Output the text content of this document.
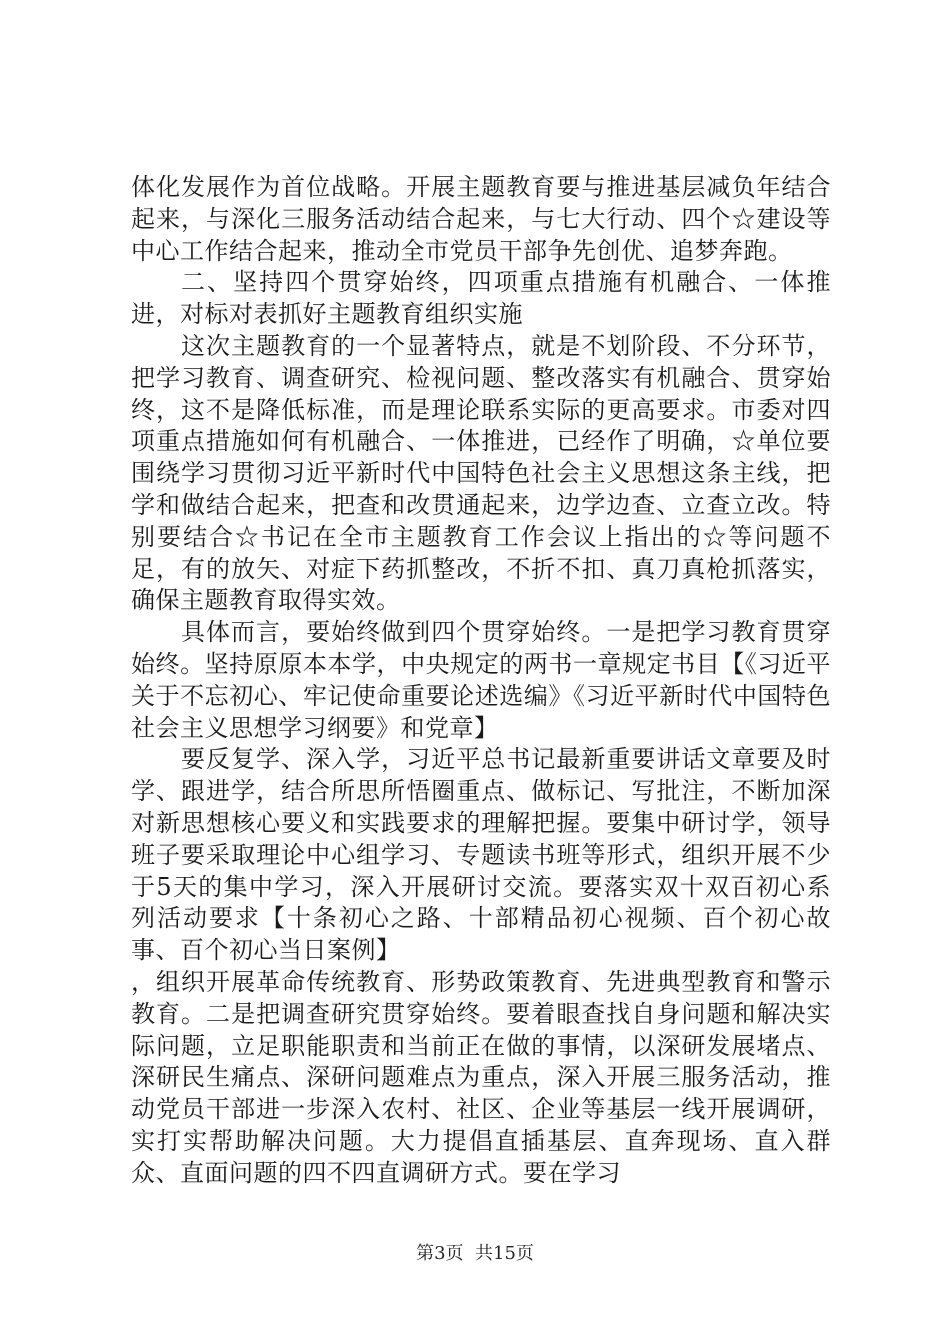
体化发展作为首位战略。开展主题教育要与推进基层减负年结合起来，与深化三服务活动结合起来，与七大行动、四个☆建设等中心工作结合起来，推动全市党员干部争先创优、追梦奔跑。

二、坚持四个贯穿始终，四项重点措施有机融合、一体推进，对标对表抓好主题教育组织实施

这次主题教育的一个显著特点，就是不划阶段、不分环节，把学习教育、调查研究、检视问题、整改落实有机融合、贯穿始终，这不是降低标准，而是理论联系实际的更高要求。市委对四项重点措施如何有机融合、一体推进，已经作了明确，☆单位要围绕学习贯彻习近平新时代中国特色社会主义思想这条主线，把学和做结合起来，把查和改贯通起来，边学边查、立查立改。特别要结合☆书记在全市主题教育工作会议上指出的☆等问题不足，有的放矢、对症下药抓整改，不折不扣、真刀真枪抓落实，确保主题教育取得实效。

具体而言，要始终做到四个贯穿始终。一是把学习教育贯穿始终。坚持原原本本学，中央规定的两书一章规定书目【《习近平关于不忘初心、牢记使命重要论述选编》《习近平新时代中国特色社会主义思想学习纲要》和党章】

要反复学、深入学，习近平总书记最新重要讲话文章要及时学、跟进学，结合所思所悟圈重点、做标记、写批注，不断加深对新思想核心要义和实践要求的理解把握。要集中研讨学，领导班子要采取理论中心组学习、专题读书班等形式，组织开展不少于5天的集中学习，深入开展研讨交流。要落实双十双百初心系列活动要求【十条初心之路、十部精品初心视频、百个初心故事、百个初心当日案例】

，组织开展革命传统教育、形势政策教育、先进典型教育和警示教育。二是把调查研究贯穿始终。要着眼查找自身问题和解决实际问题，立足职能职责和当前正在做的事情，以深研发展堵点、深研民生痛点、深研问题难点为重点，深入开展三服务活动，推动党员干部进一步深入农村、社区、企业等基层一线开展调研，实打实帮助解决问题。大力提倡直插基层、直奔现场、直入群众、直面问题的四不四直调研方式。要在学习

第3页  共15页
